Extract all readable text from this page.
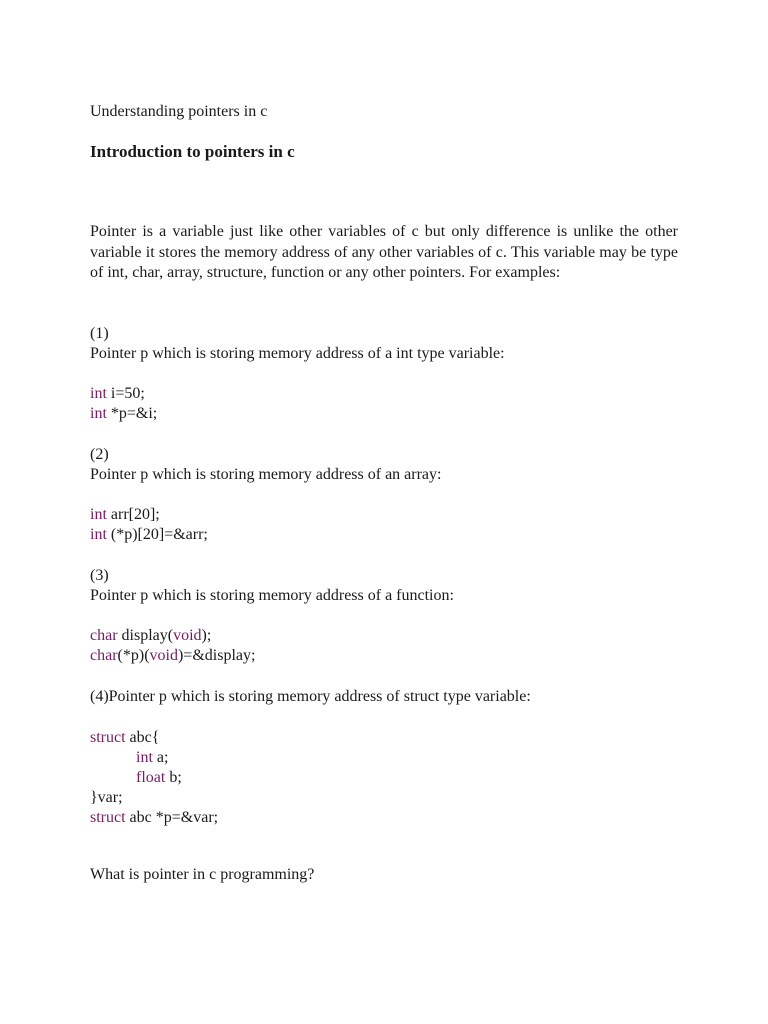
Understanding pointers in c
Introduction to pointers in c
Pointer is a variable just like other variables of c but only difference is unlike the other variable it stores the memory address of any other variables of c. This variable may be type of int, char, array, structure, function or any other pointers. For examples:
(1)
Pointer p which is storing memory address of a int type variable:
int i=50;
int *p=&i;
(2)
Pointer p which is storing memory address of an array:
int arr[20];
int (*p)[20]=&arr;
(3)
Pointer p which is storing memory address of a function:
char display(void);
char(*p)(void)=&display;
(4)Pointer p which is storing memory address of struct type variable:
struct abc{
int a;
float b;
}var;
struct abc *p=&var;
What is pointer in c programming?
